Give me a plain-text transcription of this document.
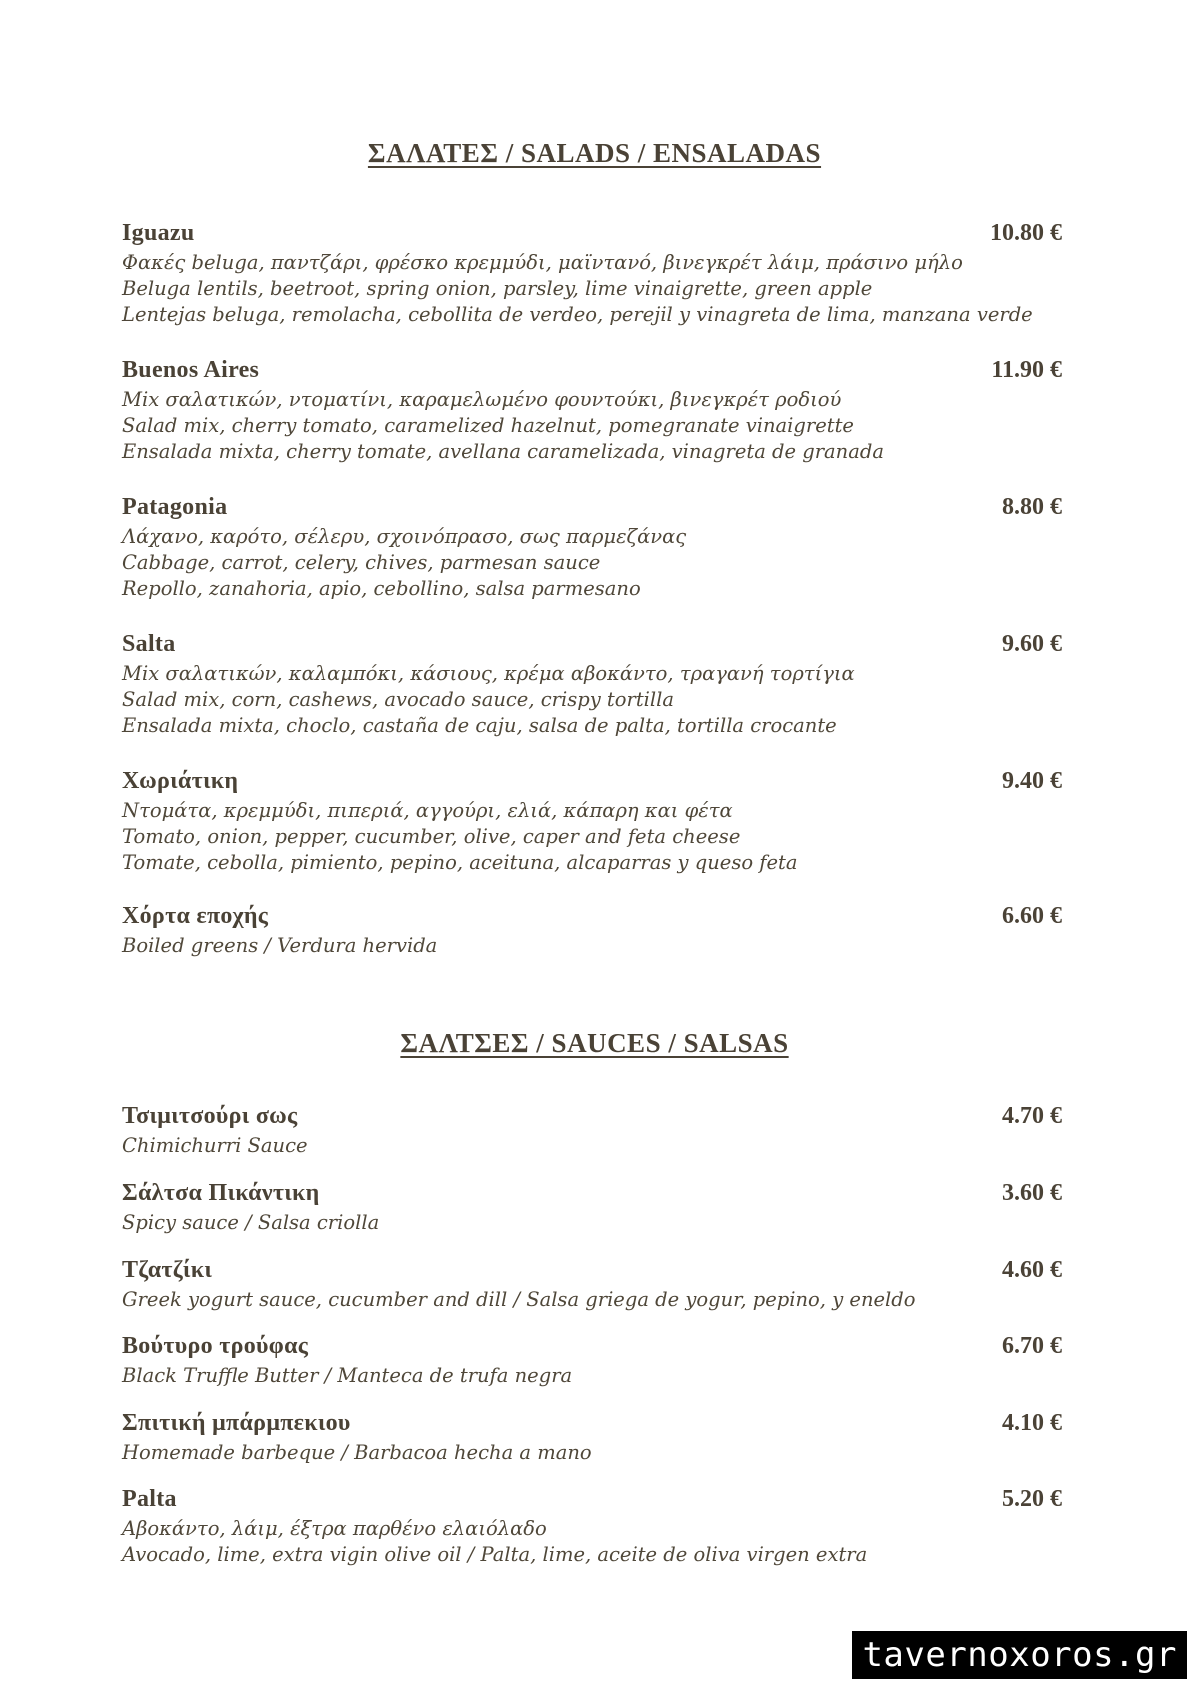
ΣΑΛΑΤΕΣ / SALADS / ENSALADAS
Iguazu	10.80 €
Φακές beluga, παντζάρι, φρέσκο κρεμμύδι, μαϊντανό, βινεγκρέτ λάιμ, πράσινο μήλο
Beluga lentils, beetroot, spring onion, parsley, lime vinaigrette, green apple
Lentejas beluga, remolacha, cebollita de verdeo, perejil y vinagreta de lima, manzana verde
Buenos Aires	11.90 €
Mix σαλατικών, ντοματίνι, καραμελωμένο φουντούκι, βινεγκρέτ ροδιού
Salad mix, cherry tomato, caramelized hazelnut, pomegranate vinaigrette
Ensalada mixta, cherry tomate, avellana caramelizada, vinagreta de granada
Patagonia	8.80 €
Λάχανο, καρότο, σέλερυ, σχοινόπρασο, σως παρμεζάνας
Cabbage, carrot, celery, chives, parmesan sauce
Repollo, zanahoria, apio, cebollino, salsa parmesano
Salta	9.60 €
Mix σαλατικών, καλαμπόκι, κάσιους, κρέμα αβοκάντο, τραγανή τορτίγια
Salad mix, corn, cashews, avocado sauce, crispy tortilla
Ensalada mixta, choclo, castaña de caju, salsa de palta, tortilla crocante
Χωριάτικη	9.40 €
Ντομάτα, κρεμμύδι, πιπεριά, αγγούρι, ελιά, κάπαρη και φέτα
Tomato, onion, pepper, cucumber, olive, caper and feta cheese
Tomate, cebolla, pimiento, pepino, aceituna, alcaparras y queso feta
Χόρτα εποχής	6.60 €
Boiled greens / Verdura hervida
ΣΑΛΤΣΕΣ / SAUCES / SALSAS
Τσιμιτσούρι σως	4.70 €
Chimichurri Sauce
Σάλτσα Πικάντικη	3.60 €
Spicy sauce / Salsa criolla
Τζατζίκι	4.60 €
Greek yogurt sauce, cucumber and dill / Salsa griega de yogur, pepino, y eneldo
Βούτυρο τρούφας	6.70 €
Black Truffle Butter / Manteca de trufa negra
Σπιτική μπάρμπεκιου	4.10 €
Homemade barbeque / Barbacoa hecha a mano
Palta	5.20 €
Αβοκάντο, λάιμ, έξτρα παρθένο ελαιόλαδο
Avocado, lime, extra vigin olive oil / Palta, lime, aceite de oliva virgen extra
tavernoxoros.gr
